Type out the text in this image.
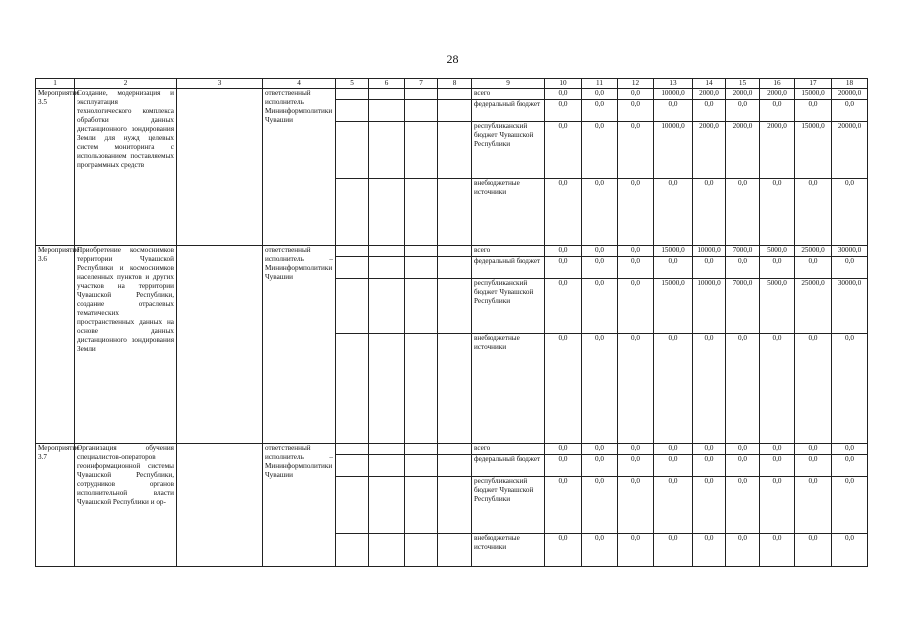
28
1	2	3	4	5	6	7	8	9	10	11	12	13	14	15	16	17	18
Мероприятие 3.5	Создание, модернизация и эксплуатация технологического комплекса обработки данных дистанционного зондирования Земли для нужд целевых систем мониторинга с использованием поставляемых программных средств		ответственный исполнитель Мининформполитики Чувашии					всего	0,0	0,0	0,0	10000,0	2000,0	2000,0	2000,0	15000,0	20000,0
								федеральный бюджет	0,0	0,0	0,0	0,0	0,0	0,0	0,0	0,0	0,0
								республиканский бюджет Чувашской Республики	0,0	0,0	0,0	10000,0	2000,0	2000,0	2000,0	15000,0	20000,0
								внебюджетные источники	0,0	0,0	0,0	0,0	0,0	0,0	0,0	0,0	0,0
Мероприятие 3.6	Приобретение космоснимков территории Чувашской Республики и космоснимков населенных пунктов и других участков на территории Чувашской Республики, создание отраслевых тематических пространственных данных на основе данных дистанционного зондирования Земли		ответственный исполнитель – Мининформполитики Чувашии					всего	0,0	0,0	0,0	15000,0	10000,0	7000,0	5000,0	25000,0	30000,0
								федеральный бюджет	0,0	0,0	0,0	0,0	0,0	0,0	0,0	0,0	0,0
								республиканский бюджет Чувашской Республики	0,0	0,0	0,0	15000,0	10000,0	7000,0	5000,0	25000,0	30000,0
								внебюджетные источники	0,0	0,0	0,0	0,0	0,0	0,0	0,0	0,0	0,0
Мероприятие 3.7	Организация обучения специалистов-операторов геоинформационной системы Чувашской Республики, сотрудников органов исполнительной власти Чувашской Республики и ор-		ответственный исполнитель – Мининформполитики Чувашии					всего	0,0	0,0	0,0	0,0	0,0	0,0	0,0	0,0	0,0
								федеральный бюджет	0,0	0,0	0,0	0,0	0,0	0,0	0,0	0,0	0,0
								республиканский бюджет Чувашской Республики	0,0	0,0	0,0	0,0	0,0	0,0	0,0	0,0	0,0
								внебюджетные источники	0,0	0,0	0,0	0,0	0,0	0,0	0,0	0,0	0,0
